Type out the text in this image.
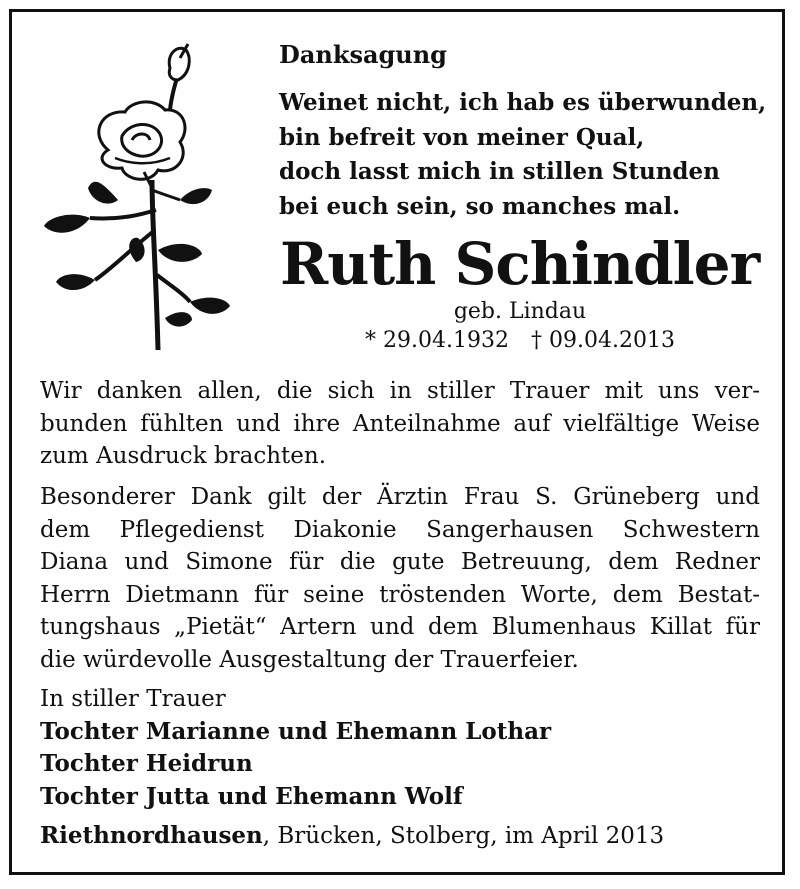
Danksagung
Weinet nicht, ich hab es überwunden,
bin befreit von meiner Qual,
doch lasst mich in stillen Stunden
bei euch sein, so manches mal.
Ruth Schindler
geb. Lindau
* 29.04.1932 † 09.04.2013
Wir danken allen, die sich in stiller Trauer mit uns ver-
bunden fühlten und ihre Anteilnahme auf vielfältige Weise
zum Ausdruck brachten.
Besonderer Dank gilt der Ärztin Frau S. Grüneberg und
dem Pflegedienst Diakonie Sangerhausen Schwestern
Diana und Simone für die gute Betreuung, dem Redner
Herrn Dietmann für seine tröstenden Worte, dem Bestat-
tungshaus „Pietät“ Artern und dem Blumenhaus Killat für
die würdevolle Ausgestaltung der Trauerfeier.
In stiller Trauer
Tochter Marianne und Ehemann Lothar
Tochter Heidrun
Tochter Jutta und Ehemann Wolf
Riethnordhausen, Brücken, Stolberg, im April 2013
